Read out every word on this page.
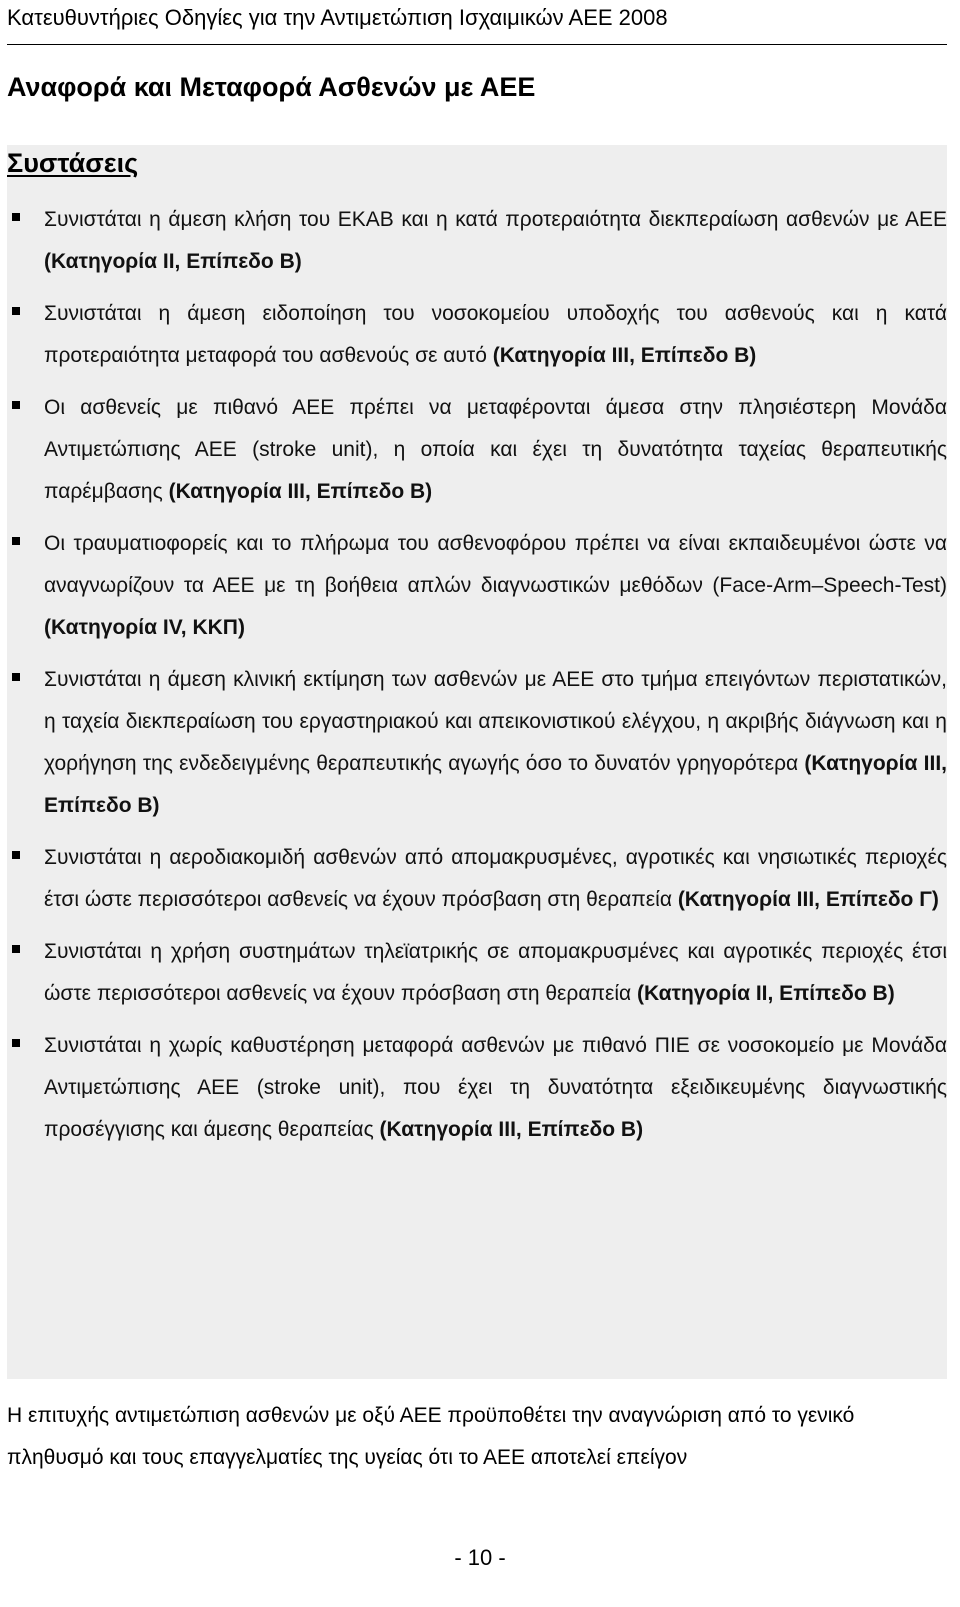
Κατευθυντήριες Οδηγίες για την Αντιμετώπιση Ισχαιμικών ΑΕΕ 2008
Αναφορά και Μεταφορά Ασθενών με ΑΕΕ
Συστάσεις
Συνιστάται η άμεση κλήση του ΕΚΑΒ και η κατά προτεραιότητα διεκπεραίωση ασθενών με ΑΕΕ (Κατηγορία ΙΙ, Επίπεδο Β)
Συνιστάται η άμεση ειδοποίηση του νοσοκομείου υποδοχής του ασθενούς και η κατά προτεραιότητα μεταφορά του ασθενούς σε αυτό (Κατηγορία ΙΙΙ, Επίπεδο Β)
Οι ασθενείς με πιθανό ΑΕΕ πρέπει να μεταφέρονται άμεσα στην πλησιέστερη Μονάδα Αντιμετώπισης ΑΕΕ (stroke unit), η οποία και έχει τη δυνατότητα ταχείας θεραπευτικής παρέμβασης (Κατηγορία ΙΙΙ, Επίπεδο Β)
Οι τραυματιοφορείς και το πλήρωμα του ασθενοφόρου πρέπει να είναι εκπαιδευμένοι ώστε να αναγνωρίζουν τα ΑΕΕ με τη βοήθεια απλών διαγνωστικών μεθόδων (Face-Arm–Speech-Test) (Κατηγορία ΙV, ΚΚΠ)
Συνιστάται η άμεση κλινική εκτίμηση των ασθενών με ΑΕΕ στο τμήμα επειγόντων περιστατικών, η ταχεία διεκπεραίωση του εργαστηριακού και απεικονιστικού ελέγχου, η ακριβής διάγνωση και η χορήγηση της ενδεδειγμένης θεραπευτικής αγωγής όσο το δυνατόν γρηγορότερα (Κατηγορία ΙΙΙ, Επίπεδο Β)
Συνιστάται η αεροδιακομιδή ασθενών από απομακρυσμένες, αγροτικές και νησιωτικές περιοχές έτσι ώστε περισσότεροι ασθενείς να έχουν πρόσβαση στη θεραπεία (Κατηγορία ΙΙΙ, Επίπεδο Γ)
Συνιστάται η χρήση συστημάτων τηλεϊατρικής σε απομακρυσμένες και αγροτικές περιοχές έτσι ώστε περισσότεροι ασθενείς να έχουν πρόσβαση στη θεραπεία (Κατηγορία ΙΙ, Επίπεδο Β)
Συνιστάται η χωρίς καθυστέρηση μεταφορά ασθενών με πιθανό ΠΙΕ σε νοσοκομείο με Μονάδα Αντιμετώπισης ΑΕΕ (stroke unit), που έχει τη δυνατότητα εξειδικευμένης διαγνωστικής προσέγγισης και άμεσης θεραπείας (Κατηγορία ΙΙΙ, Επίπεδο Β)

Η επιτυχής αντιμετώπιση ασθενών με οξύ ΑΕΕ προϋποθέτει την αναγνώριση από το γενικό πληθυσμό και τους επαγγελματίες της υγείας ότι το ΑΕΕ αποτελεί επείγον

- 10 -
